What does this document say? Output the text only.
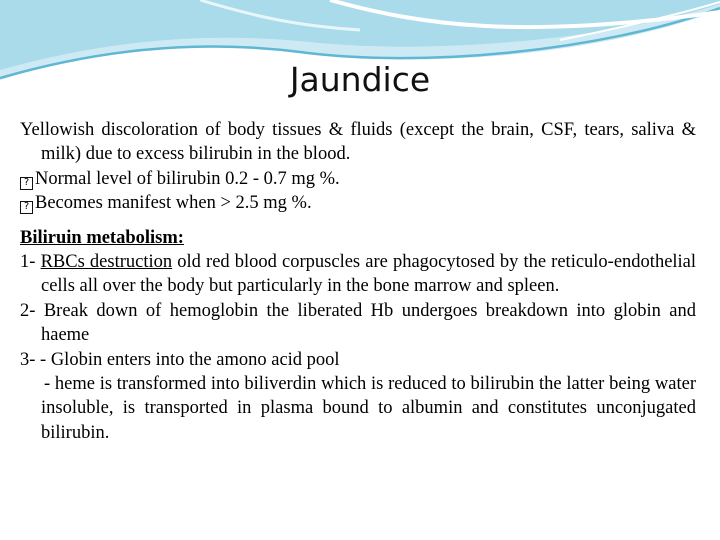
Jaundice

Yellowish discoloration of body tissues & fluids (except the brain, CSF, tears, saliva & milk) due to excess bilirubin in the blood.

? Normal level of bilirubin 0.2 - 0.7 mg %.

? Becomes manifest when > 2.5 mg %.

Biliruin metabolism:

1- RBCs destruction old red blood corpuscles are phagocytosed by the reticulo-endothelial cells all over the body but particularly in the bone marrow and spleen.

2- Break down of hemoglobin the liberated Hb undergoes breakdown into globin and haeme

3- - Globin enters into the amono acid pool

- heme is transformed into biliverdin which is reduced to bilirubin the latter being water insoluble, is transported in plasma bound to albumin and constitutes unconjugated bilirubin.
